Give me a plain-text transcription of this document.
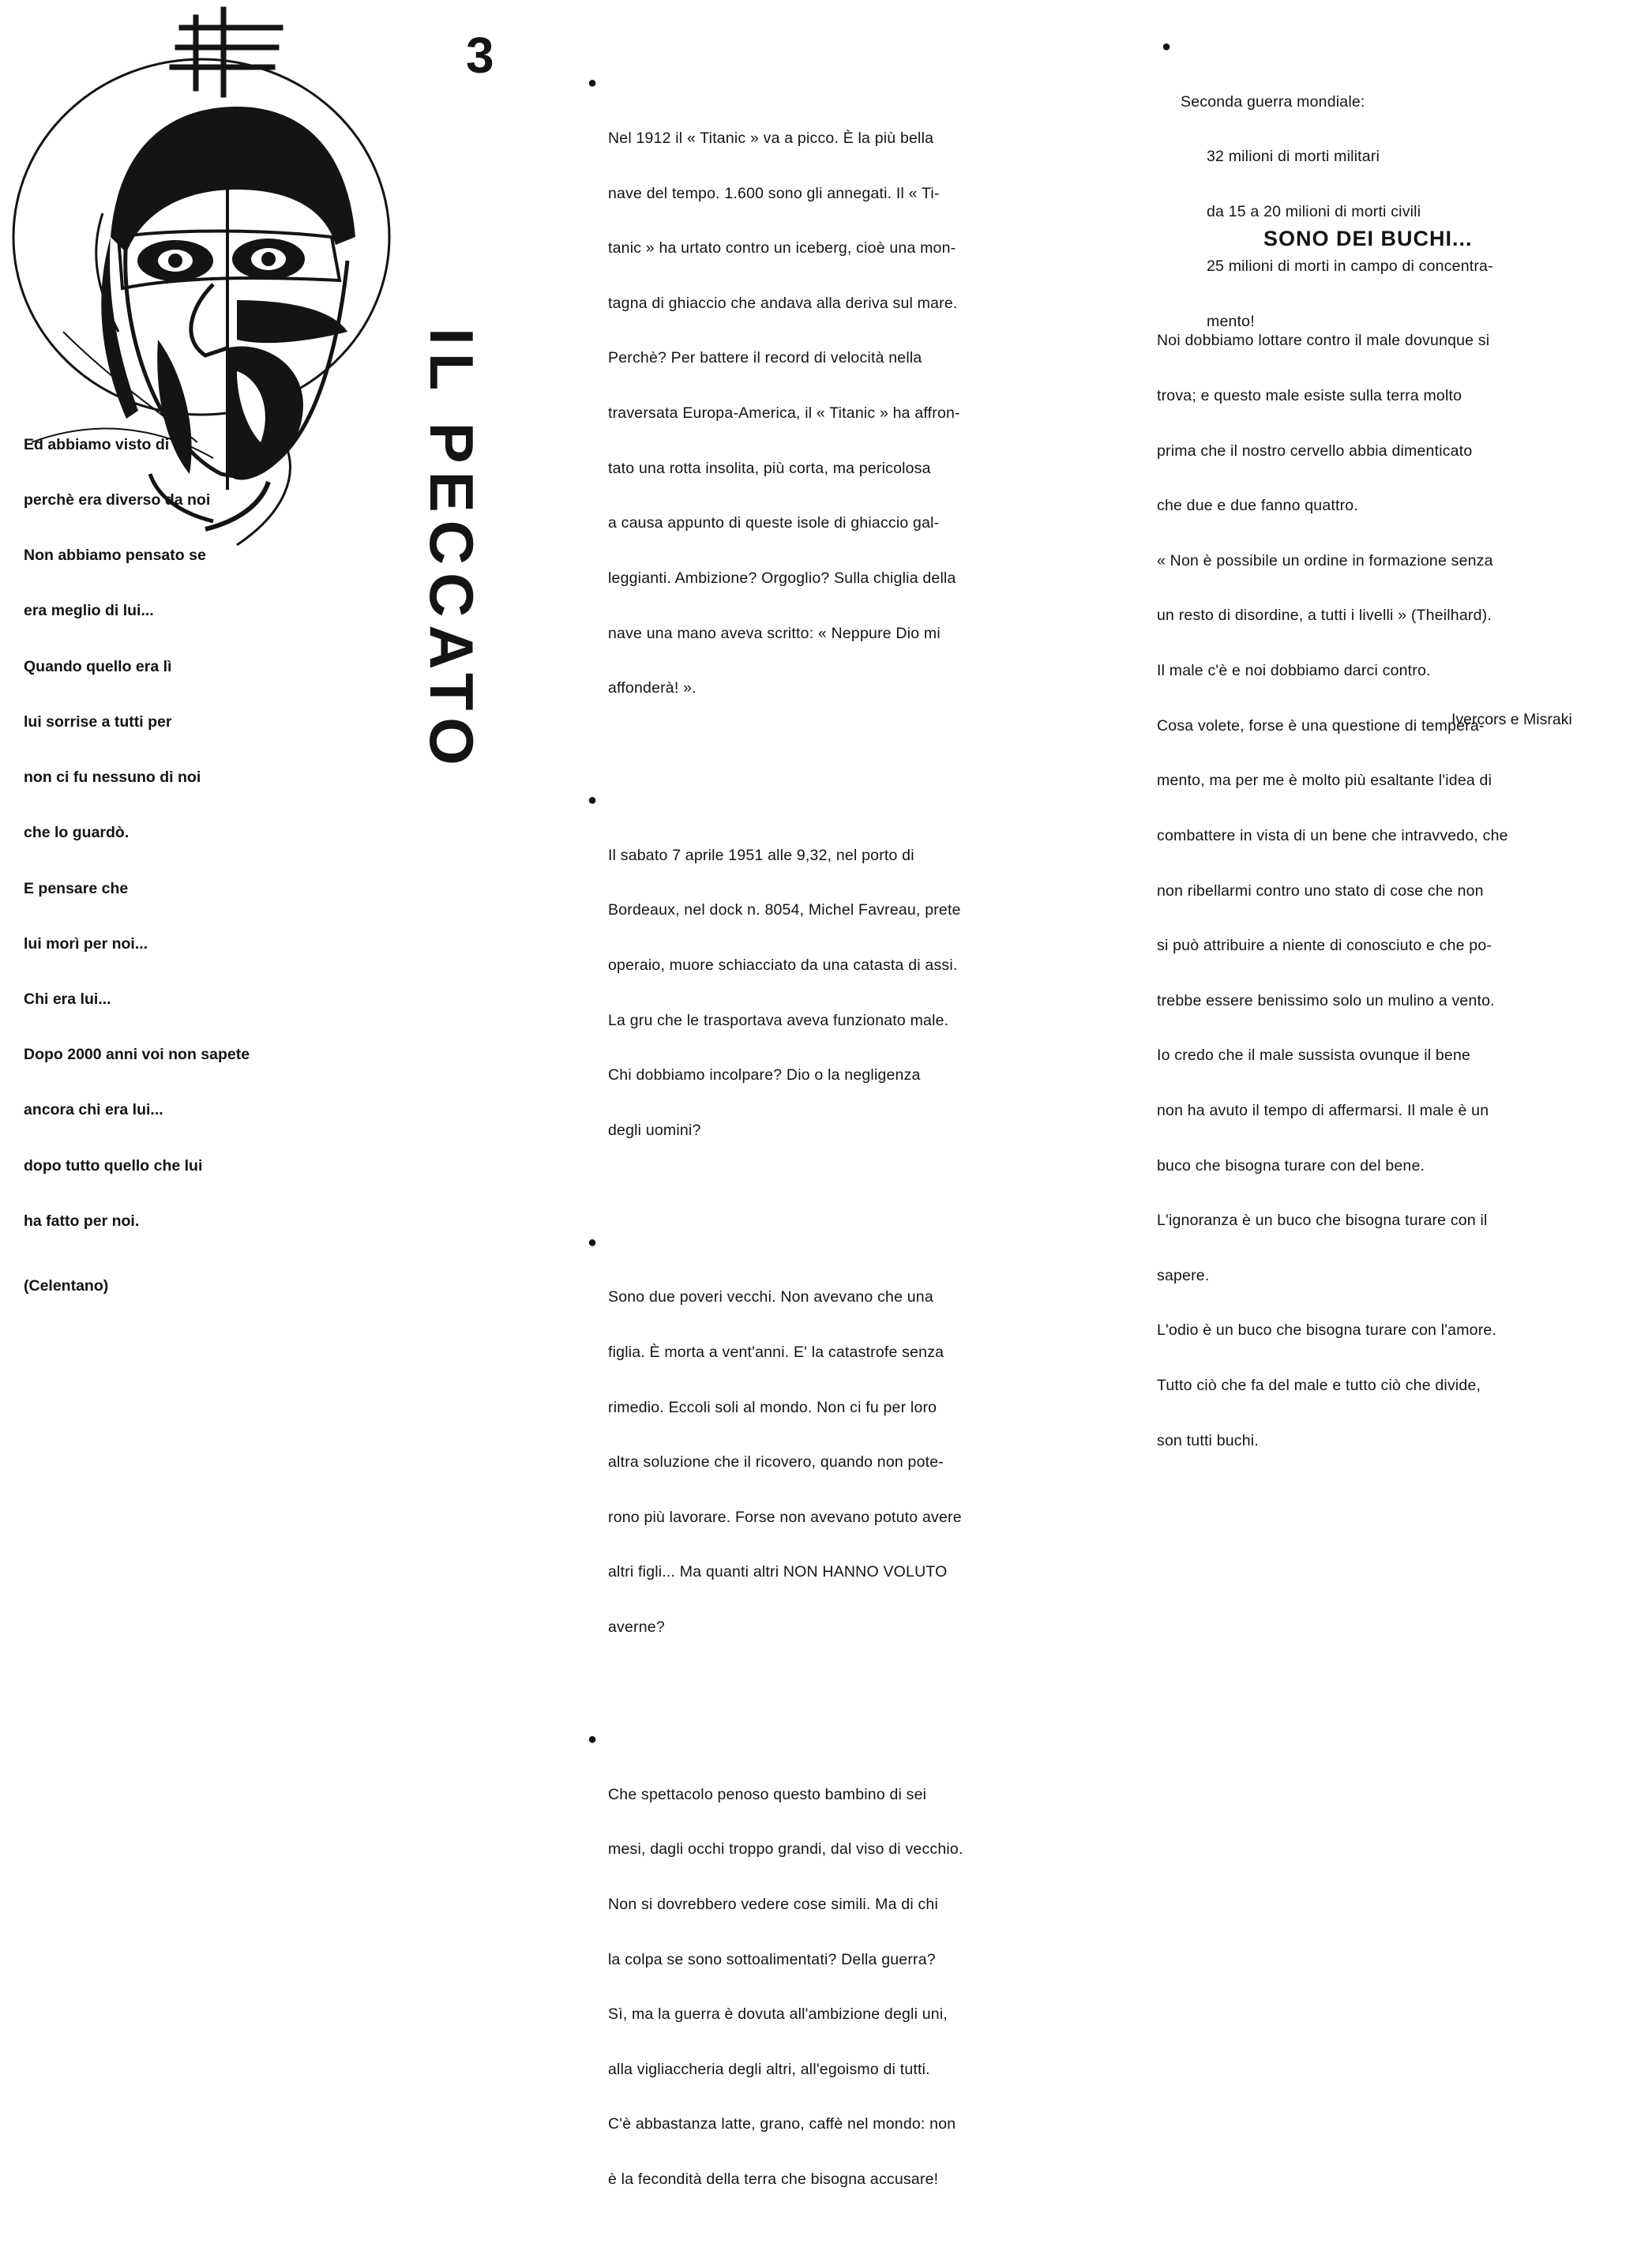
Ed abbiamo visto di lui

perchè era diverso da noi

Non abbiamo pensato se

era meglio di lui...

Quando quello era lì

lui sorrise a tutti per

non ci fu nessuno di noi

che lo guardò.

E pensare che

lui morì per noi...

Chi era lui...

Dopo 2000 anni voi non sapete

ancora chi era lui...

dopo tutto quello che lui

ha fatto per noi.

(Celentano)

3
IL PECCATO

●

Nel 1912 il « Titanic » va a picco. È la più bella

nave del tempo. 1.600 sono gli annegati. Il « Ti-

tanic » ha urtato contro un iceberg, cioè una mon-

tagna di ghiaccio che andava alla deriva sul mare.

Perchè? Per battere il record di velocità nella

traversata Europa-America, il « Titanic » ha affron-

tato una rotta insolita, più corta, ma pericolosa

a causa appunto di queste isole di ghiaccio gal-

leggianti. Ambizione? Orgoglio? Sulla chiglia della

nave una mano aveva scritto: « Neppure Dio mi

affonderà! ».

●

Il sabato 7 aprile 1951 alle 9,32, nel porto di

Bordeaux, nel dock n. 8054, Michel Favreau, prete

operaio, muore schiacciato da una catasta di assi.

La gru che le trasportava aveva funzionato male.

Chi dobbiamo incolpare? Dio o la negligenza

degli uomini?

●

Sono due poveri vecchi. Non avevano che una

figlia. È morta a vent'anni. E' la catastrofe senza

rimedio. Eccoli soli al mondo. Non ci fu per loro

altra soluzione che il ricovero, quando non pote-

rono più lavorare. Forse non avevano potuto avere

altri figli... Ma quanti altri NON HANNO VOLUTO

averne?

●

Che spettacolo penoso questo bambino di sei

mesi, dagli occhi troppo grandi, dal viso di vecchio.

Non si dovrebbero vedere cose simili. Ma di chi

la colpa se sono sottoalimentati? Della guerra?

Sì, ma la guerra è dovuta all'ambizione degli uni,

alla vigliaccheria degli altri, all'egoismo di tutti.

C'è abbastanza latte, grano, caffè nel mondo: non

è la fecondità della terra che bisogna accusare!

●

Seconda guerra mondiale:

32 milioni di morti militari

da 15 a 20 milioni di morti civili

25 milioni di morti in campo di concentra-

mento!

SONO DEI BUCHI...

Noi dobbiamo lottare contro il male dovunque si

trova; e questo male esiste sulla terra molto

prima che il nostro cervello abbia dimenticato

che due e due fanno quattro.

« Non è possibile un ordine in formazione senza

un resto di disordine, a tutti i livelli » (Theilhard).

Il male c'è e noi dobbiamo darci contro.

Cosa volete, forse è una questione di tempera-

mento, ma per me è molto più esaltante l'idea di

combattere in vista di un bene che intravvedo, che

non ribellarmi contro uno stato di cose che non

si può attribuire a niente di conosciuto e che po-

trebbe essere benissimo solo un mulino a vento.

Io credo che il male sussista ovunque il bene

non ha avuto il tempo di affermarsi. Il male è un

buco che bisogna turare con del bene.

L'ignoranza è un buco che bisogna turare con il

sapere.

L'odio è un buco che bisogna turare con l'amore.

Tutto ciò che fa del male e tutto ciò che divide,

son tutti buchi.

Ivercors e Misraki
